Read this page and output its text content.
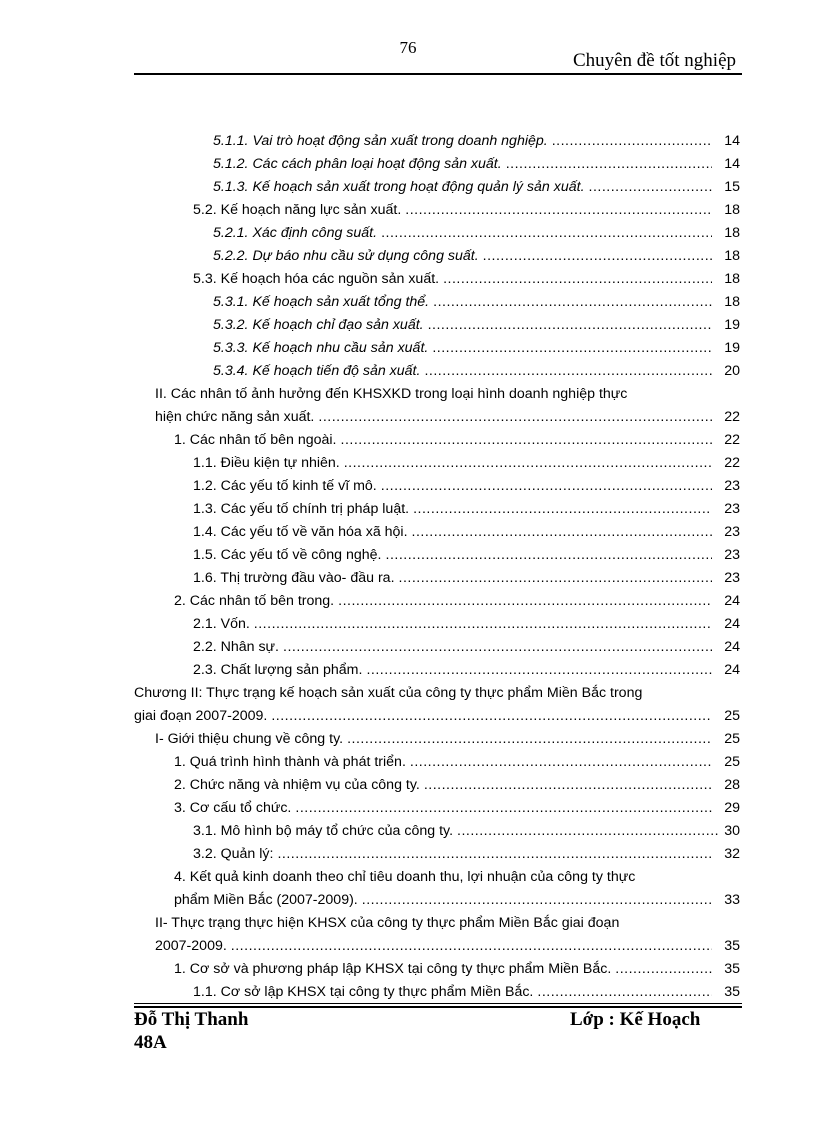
76
Chuyên đề tốt nghiệp
5.1.1. Vai trò hoạt động sản xuất trong doanh nghiệp. .....	14
5.1.2. Các cách phân loại hoạt động sản xuất. .....	14
5.1.3. Kế hoạch sản xuất trong hoạt động quản lý sản xuất. .....	15
5.2. Kế hoạch năng lực sản xuất. .....	18
5.2.1. Xác định công suất. .....	18
5.2.2. Dự báo nhu cầu sử dụng công suất. .....	18
5.3. Kế hoạch hóa các nguồn sản xuất. .....	18
5.3.1. Kế hoạch sản xuất tổng thể. .....	18
5.3.2. Kế hoạch chỉ đạo sản xuất. .....	19
5.3.3. Kế hoạch nhu cầu sản xuất. .....	19
5.3.4. Kế hoạch tiến độ sản xuất. .....	20
II. Các nhân tố ảnh hưởng đến KHSXKD trong loại hình doanh nghiệp thực
hiện chức năng sản xuất. .....	22
1. Các nhân tố bên ngoài. .....	22
1.1. Điều kiện tự nhiên. .....	22
1.2. Các yếu tố kinh tế vĩ mô. .....	23
1.3. Các yếu tố chính trị pháp luật. .....	23
1.4. Các yếu tố về văn hóa xã hội. .....	23
1.5. Các yếu tố về công nghệ. .....	23
1.6. Thị trường đầu vào- đầu ra. .....	23
2. Các nhân tố bên trong. .....	24
2.1. Vốn. .....	24
2.2. Nhân sự. .....	24
2.3. Chất lượng sản phẩm. .....	24
Chương II: Thực trạng kế hoạch sản xuất của công ty thực phẩm Miền Bắc trong
giai đoạn 2007-2009. .....	25
I- Giới thiệu chung về công ty. .....	25
1. Quá trình hình thành và phát triển. .....	25
2. Chức năng và nhiệm vụ của công ty. .....	28
3. Cơ cấu tổ chức. .....	29
3.1. Mô hình bộ máy tổ chức của công ty. .....	30
3.2. Quản lý: .....	32
4. Kết quả kinh doanh theo chỉ tiêu doanh thu, lợi nhuận của công ty thực
phẩm Miền Bắc (2007-2009). .....	33
II- Thực trạng thực hiện KHSX của công ty thực phẩm Miền Bắc giai đoạn
2007-2009. .....	35
1. Cơ sở và phương pháp lập KHSX tại công ty thực phẩm Miền Bắc. .....	35
1.1. Cơ sở lập KHSX tại công ty thực phẩm Miền Bắc. .....	35
Đỗ Thị Thanh	Lớp : Kế Hoạch
48A
